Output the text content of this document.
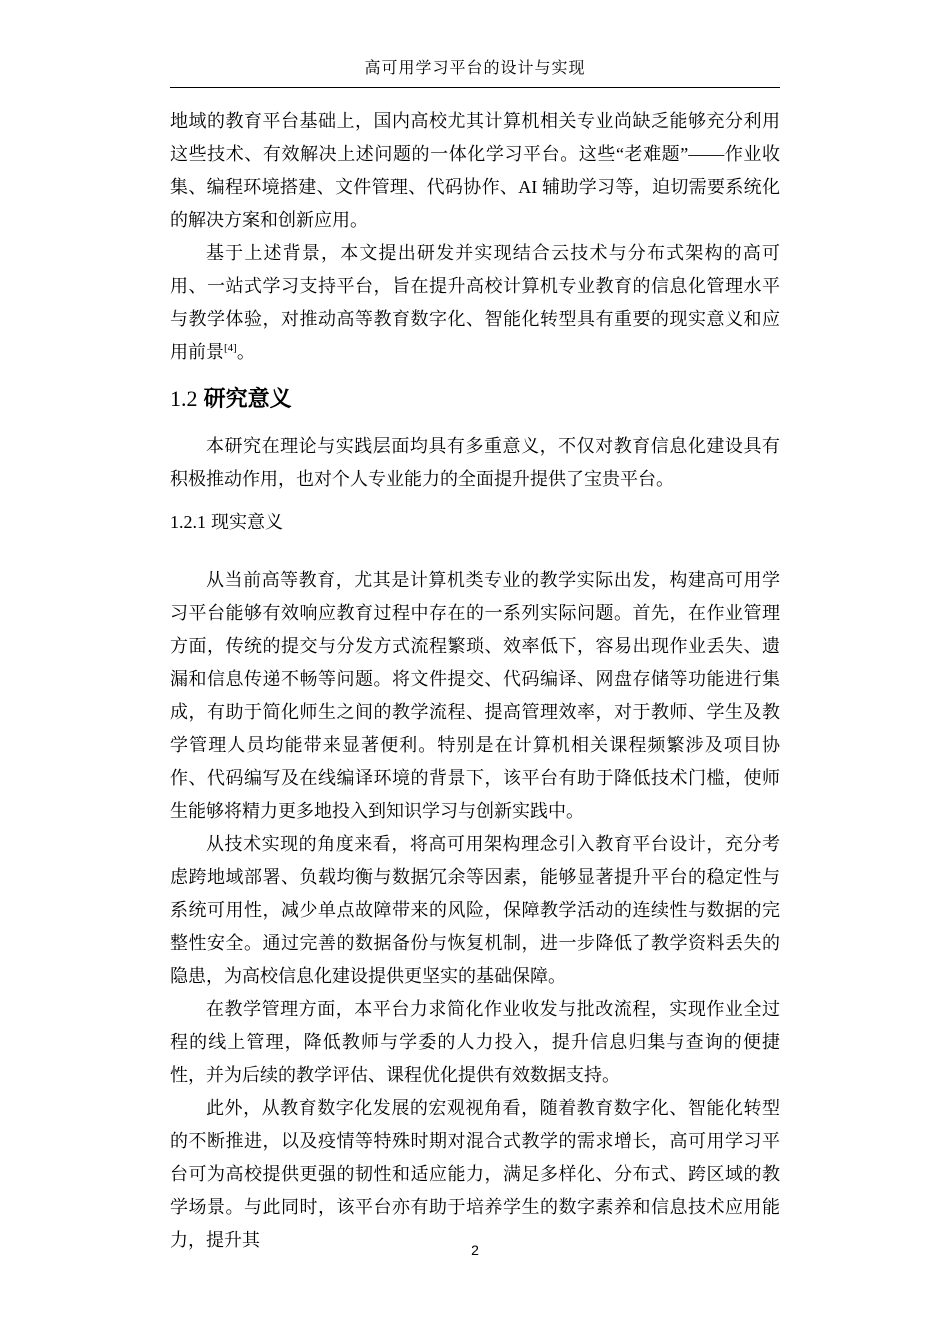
高可用学习平台的设计与实现

地域的教育平台基础上，国内高校尤其计算机相关专业尚缺乏能够充分利用这些技术、有效解决上述问题的一体化学习平台。这些“老难题”——作业收集、编程环境搭建、文件管理、代码协作、AI 辅助学习等，迫切需要系统化的解决方案和创新应用。

基于上述背景，本文提出研发并实现结合云技术与分布式架构的高可用、一站式学习支持平台，旨在提升高校计算机专业教育的信息化管理水平与教学体验，对推动高等教育数字化、智能化转型具有重要的现实意义和应用前景[4]。

1.2 研究意义

本研究在理论与实践层面均具有多重意义，不仅对教育信息化建设具有积极推动作用，也对个人专业能力的全面提升提供了宝贵平台。

1.2.1 现实意义

从当前高等教育，尤其是计算机类专业的教学实际出发，构建高可用学习平台能够有效响应教育过程中存在的一系列实际问题。首先，在作业管理方面，传统的提交与分发方式流程繁琐、效率低下，容易出现作业丢失、遗漏和信息传递不畅等问题。将文件提交、代码编译、网盘存储等功能进行集成，有助于简化师生之间的教学流程、提高管理效率，对于教师、学生及教学管理人员均能带来显著便利。特别是在计算机相关课程频繁涉及项目协作、代码编写及在线编译环境的背景下，该平台有助于降低技术门槛，使师生能够将精力更多地投入到知识学习与创新实践中。

从技术实现的角度来看，将高可用架构理念引入教育平台设计，充分考虑跨地域部署、负载均衡与数据冗余等因素，能够显著提升平台的稳定性与系统可用性，减少单点故障带来的风险，保障教学活动的连续性与数据的完整性安全。通过完善的数据备份与恢复机制，进一步降低了教学资料丢失的隐患，为高校信息化建设提供更坚实的基础保障。

在教学管理方面，本平台力求简化作业收发与批改流程，实现作业全过程的线上管理，降低教师与学委的人力投入，提升信息归集与查询的便捷性，并为后续的教学评估、课程优化提供有效数据支持。

此外，从教育数字化发展的宏观视角看，随着教育数字化、智能化转型的不断推进，以及疫情等特殊时期对混合式教学的需求增长，高可用学习平台可为高校提供更强的韧性和适应能力，满足多样化、分布式、跨区域的教学场景。与此同时，该平台亦有助于培养学生的数字素养和信息技术应用能力，提升其	2
